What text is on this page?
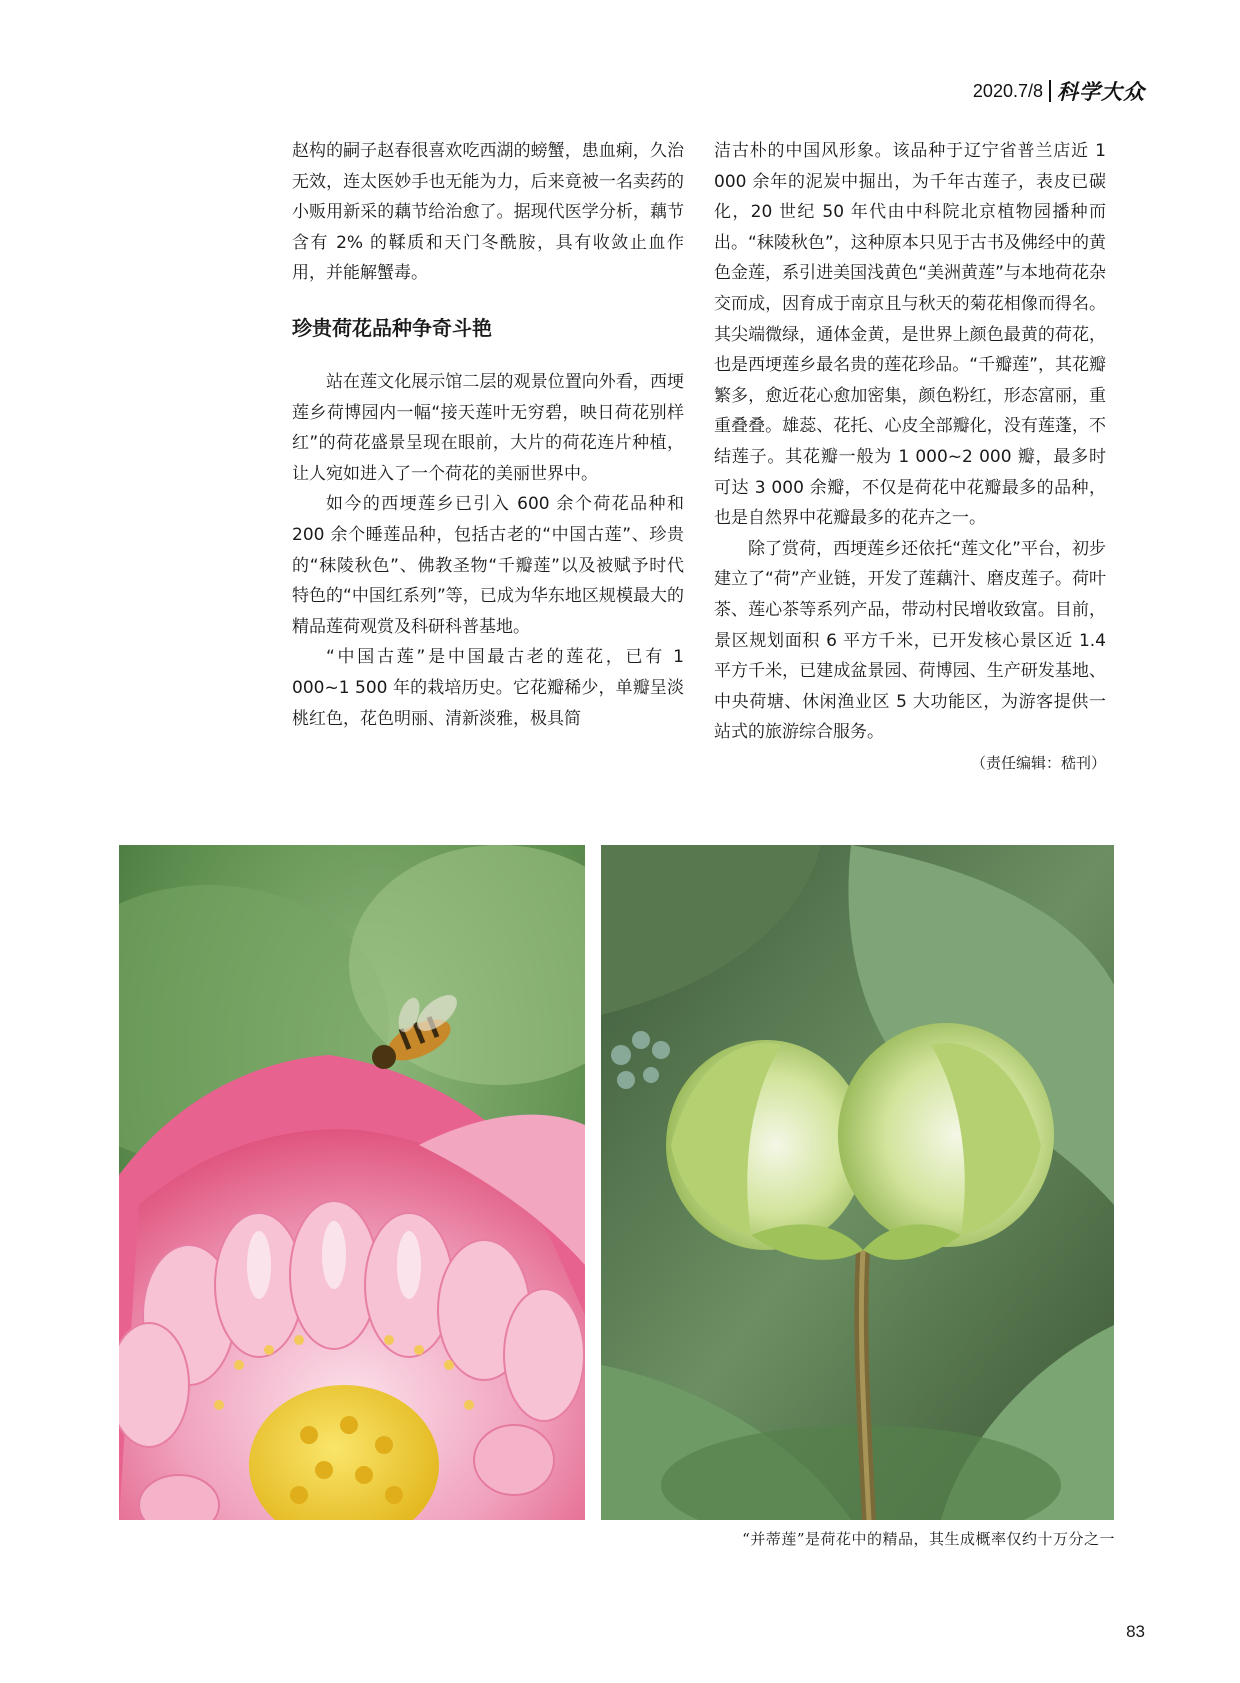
2020.7/8 科学大众

赵构的嗣子赵春很喜欢吃西湖的螃蟹，患血痢，久治无效，连太医妙手也无能为力，后来竟被一名卖药的小贩用新采的藕节给治愈了。据现代医学分析，藕节含有 2% 的鞣质和天门冬酰胺，具有收敛止血作用，并能解蟹毒。

珍贵荷花品种争奇斗艳

站在莲文化展示馆二层的观景位置向外看，西埂莲乡荷博园内一幅“接天莲叶无穷碧，映日荷花别样红”的荷花盛景呈现在眼前，大片的荷花连片种植，让人宛如进入了一个荷花的美丽世界中。

如今的西埂莲乡已引入 600 余个荷花品种和 200 余个睡莲品种，包括古老的“中国古莲”、珍贵的“秣陵秋色”、佛教圣物“千瓣莲”以及被赋予时代特色的“中国红系列”等，已成为华东地区规模最大的精品莲荷观赏及科研科普基地。

“中国古莲”是中国最古老的莲花，已有 1 000~1 500 年的栽培历史。它花瓣稀少，单瓣呈淡桃红色，花色明丽、清新淡雅，极具简

洁古朴的中国风形象。该品种于辽宁省普兰店近 1 000 余年的泥炭中掘出，为千年古莲子，表皮已碳化，20 世纪 50 年代由中科院北京植物园播种而出。“秣陵秋色”，这种原本只见于古书及佛经中的黄色金莲，系引进美国浅黄色“美洲黄莲”与本地荷花杂交而成，因育成于南京且与秋天的菊花相像而得名。其尖端微绿，通体金黄，是世界上颜色最黄的荷花，也是西埂莲乡最名贵的莲花珍品。“千瓣莲”，其花瓣繁多，愈近花心愈加密集，颜色粉红，形态富丽，重重叠叠。雄蕊、花托、心皮全部瓣化，没有莲蓬，不结莲子。其花瓣一般为 1 000~2 000 瓣，最多时可达 3 000 余瓣，不仅是荷花中花瓣最多的品种，也是自然界中花瓣最多的花卉之一。

除了赏荷，西埂莲乡还依托“莲文化”平台，初步建立了“荷”产业链，开发了莲藕汁、磨皮莲子。荷叶茶、莲心茶等系列产品，带动村民增收致富。目前，景区规划面积 6 平方千米，已开发核心景区近 1.4 平方千米，已建成盆景园、荷博园、生产研发基地、中央荷塘、休闲渔业区 5 大功能区，为游客提供一站式的旅游综合服务。

（责任编辑：嵇刊）

“并蒂莲”是荷花中的精品，其生成概率仅约十万分之一
83
